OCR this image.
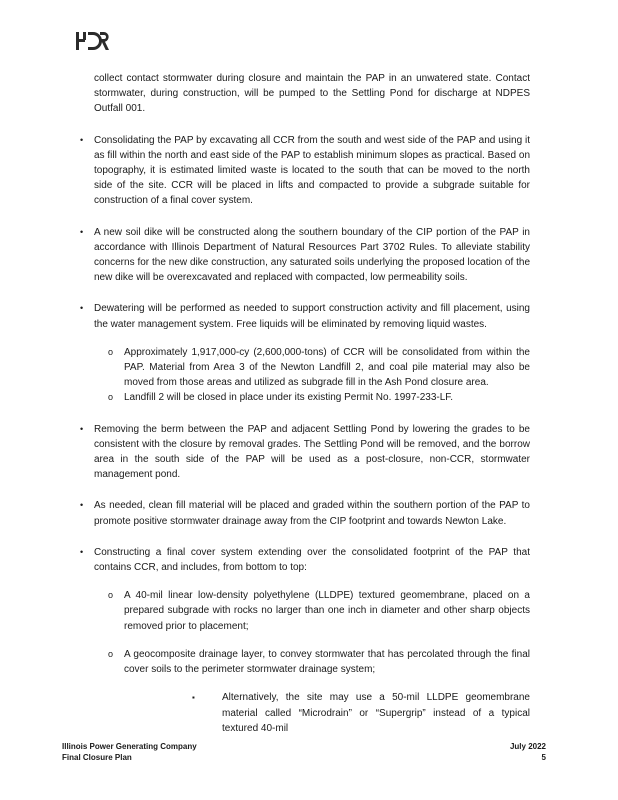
collect contact stormwater during closure and maintain the PAP in an unwatered state. Contact stormwater, during construction, will be pumped to the Settling Pond for discharge at NDPES Outfall 001.

• Consolidating the PAP by excavating all CCR from the south and west side of the PAP and using it as fill within the north and east side of the PAP to establish minimum slopes as practical. Based on topography, it is estimated limited waste is located to the south that can be moved to the north side of the site. CCR will be placed in lifts and compacted to provide a subgrade suitable for construction of a final cover system.

• A new soil dike will be constructed along the southern boundary of the CIP portion of the PAP in accordance with Illinois Department of Natural Resources Part 3702 Rules. To alleviate stability concerns for the new dike construction, any saturated soils underlying the proposed location of the new dike will be overexcavated and replaced with compacted, low permeability soils.

• Dewatering will be performed as needed to support construction activity and fill placement, using the water management system. Free liquids will be eliminated by removing liquid wastes.

o Approximately 1,917,000-cy (2,600,000-tons) of CCR will be consolidated from within the PAP. Material from Area 3 of the Newton Landfill 2, and coal pile material may also be moved from those areas and utilized as subgrade fill in the Ash Pond closure area.

o Landfill 2 will be closed in place under its existing Permit No. 1997-233-LF.

• Removing the berm between the PAP and adjacent Settling Pond by lowering the grades to be consistent with the closure by removal grades. The Settling Pond will be removed, and the borrow area in the south side of the PAP will be used as a post-closure, non-CCR, stormwater management pond.

• As needed, clean fill material will be placed and graded within the southern portion of the PAP to promote positive stormwater drainage away from the CIP footprint and towards Newton Lake.

• Constructing a final cover system extending over the consolidated footprint of the PAP that contains CCR, and includes, from bottom to top:

o A 40-mil linear low-density polyethylene (LLDPE) textured geomembrane, placed on a prepared subgrade with rocks no larger than one inch in diameter and other sharp objects removed prior to placement;

o A geocomposite drainage layer, to convey stormwater that has percolated through the final cover soils to the perimeter stormwater drainage system;

▪	Alternatively, the site may use a 50-mil LLDPE geomembrane material called “Microdrain” or “Supergrip” instead of a typical textured 40-mil

Illinois Power Generating Company	July 2022
Final Closure Plan	5
